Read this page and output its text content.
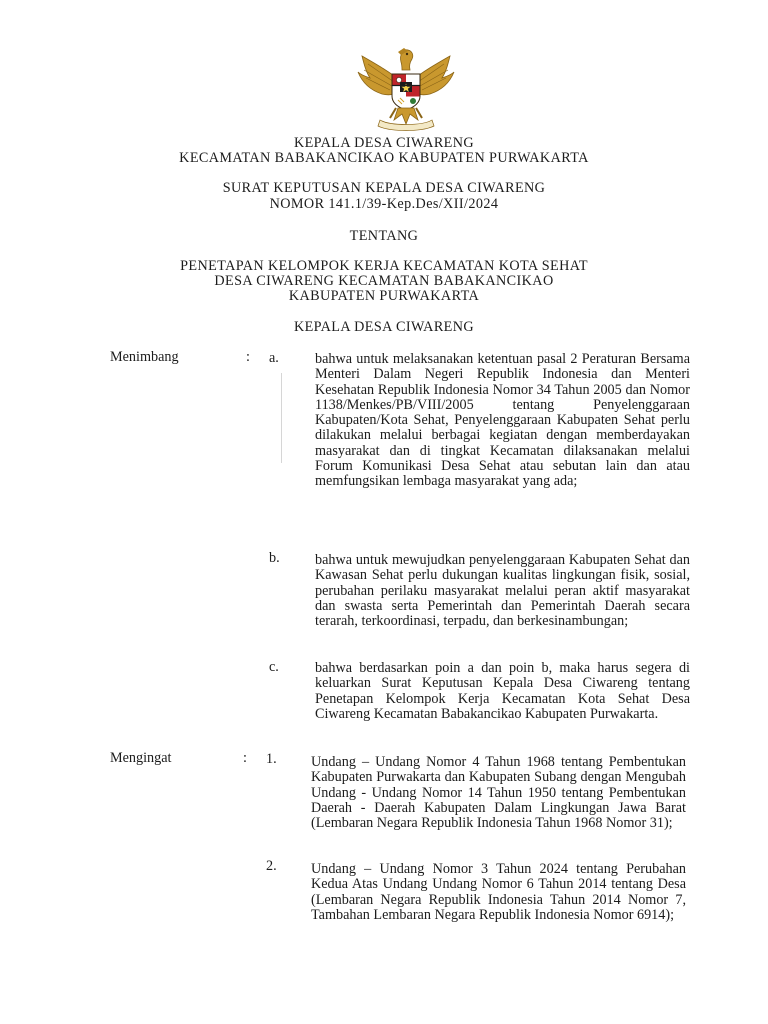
KEPALA DESA CIWARENG
KECAMATAN BABAKANCIKAO KABUPATEN PURWAKARTA
SURAT KEPUTUSAN KEPALA DESA CIWARENG
NOMOR 141.1/39-Kep.Des/XII/2024
TENTANG
PENETAPAN KELOMPOK KERJA KECAMATAN KOTA SEHAT
DESA CIWARENG KECAMATAN BABAKANCIKAO
KABUPATEN PURWAKARTA
KEPALA DESA CIWARENG
Menimbang	: a.	bahwa untuk melaksanakan ketentuan pasal 2 Peraturan Bersama Menteri Dalam Negeri Republik Indonesia dan Menteri Kesehatan Republik Indonesia Nomor 34 Tahun 2005 dan Nomor 1138/Menkes/PB/VIII/2005 tentang Penyelenggaraan Kabupaten/Kota Sehat, Penyelenggaraan Kabupaten Sehat perlu dilakukan melalui berbagai kegiatan dengan memberdayakan masyarakat dan di tingkat Kecamatan dilaksanakan melalui Forum Komunikasi Desa Sehat atau sebutan lain dan atau memfungsikan lembaga masyarakat yang ada;
b. bahwa untuk mewujudkan penyelenggaraan Kabupaten Sehat dan Kawasan Sehat perlu dukungan kualitas lingkungan fisik, sosial, perubahan perilaku masyarakat melalui peran aktif masyarakat dan swasta serta Pemerintah dan Pemerintah Daerah secara terarah, terkoordinasi, terpadu, dan berkesinambungan;
c.	bahwa berdasarkan poin a dan poin b, maka harus segera di keluarkan Surat Keputusan Kepala Desa Ciwareng tentang Penetapan Kelompok Kerja Kecamatan Kota Sehat Desa Ciwareng Kecamatan Babakancikao Kabupaten Purwakarta.
Mengingat	: 1. Undang – Undang Nomor 4 Tahun 1968 tentang Pembentukan Kabupaten Purwakarta dan Kabupaten Subang dengan Mengubah Undang - Undang Nomor 14 Tahun 1950 tentang Pembentukan Daerah - Daerah Kabupaten Dalam Lingkungan Jawa Barat (Lembaran Negara Republik Indonesia Tahun 1968 Nomor 31);
2. Undang – Undang Nomor 3 Tahun 2024 tentang Perubahan Kedua Atas Undang Undang Nomor 6 Tahun 2014 tentang Desa (Lembaran Negara Republik Indonesia Tahun 2014 Nomor 7, Tambahan Lembaran Negara Republik Indonesia Nomor 6914);
